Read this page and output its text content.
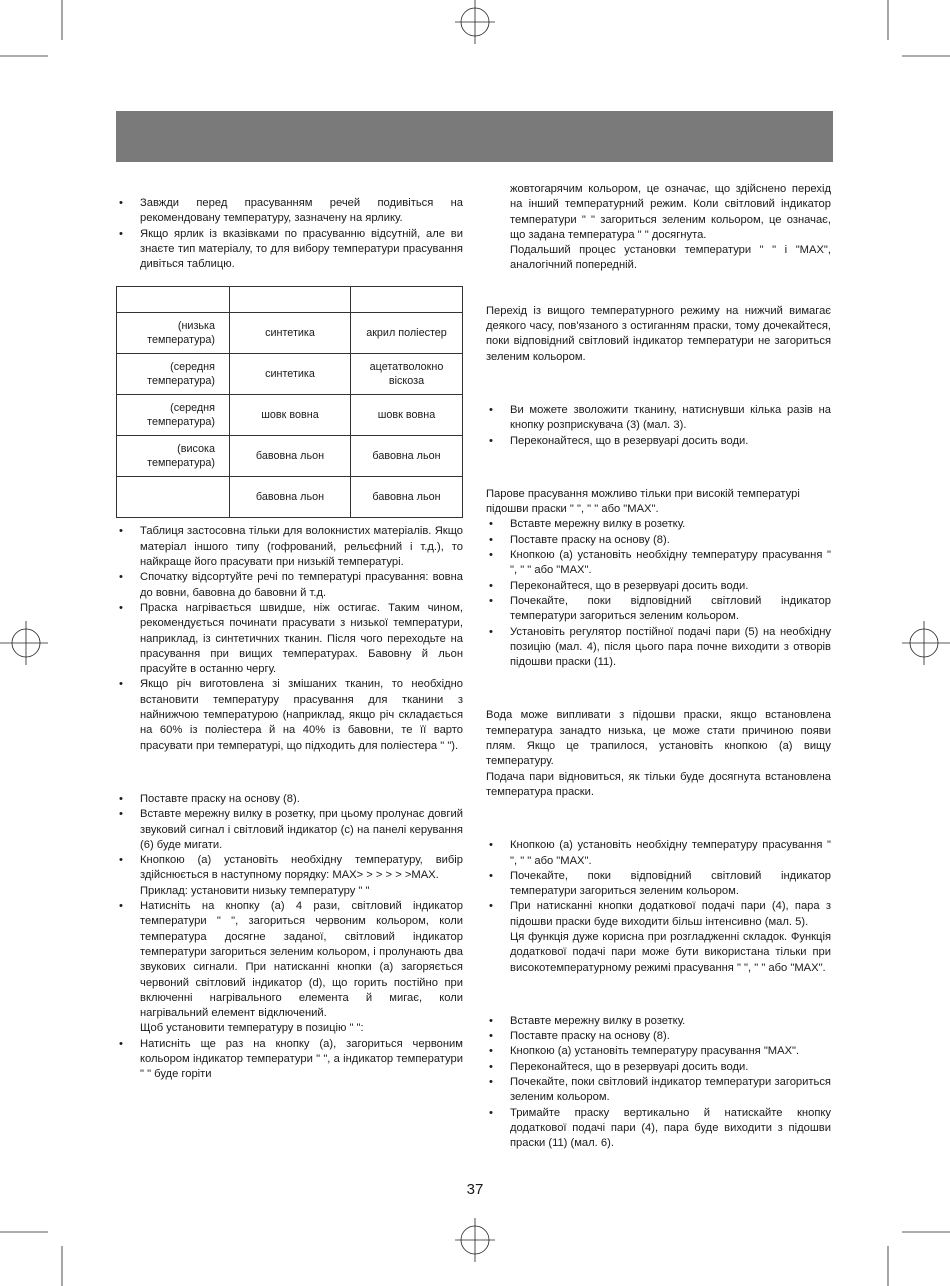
• Завжди перед прасуванням речей подивіться на рекомендовану температуру, зазначену на ярлику.
• Якщо ярлик із вказівками по прасуванню відсутній, але ви знаєте тип матеріалу, то для вибору температури прасування дивіться таблицю.

(низька температура)	синтетика	акрил поліестер
(середня температура)	синтетика	ацетатволокно віскоза
(середня температура)	шовк вовна	шовк вовна
(висока температура)	бавовна льон	бавовна льон
	бавовна льон	бавовна льон
• Таблиця застосовна тільки для волокнистих матеріалів. Якщо матеріал іншого типу (гофрований, рельєфний і т.д.), то найкраще його прасувати при низькій температурі.
• Спочатку відсортуйте речі по температурі прасування: вовна до вовни, бавовна до бавовни й т.д.
• Праска нагрівається швидше, ніж остигає. Таким чином, рекомендується починати прасувати з низької температури, наприклад, із синтетичних тканин. Після чого переходьте на прасування при вищих температурах. Бавовну й льон прасуйте в останню чергу.
• Якщо річ виготовлена зі змішаних тканин, то необхідно встановити температуру прасування для тканини з найнижчою температурою (наприклад, якщо річ складається на 60% із поліестера й на 40% із бавовни, те її варто прасувати при температурі, що підходить для поліестера " ").
• Поставте праску на основу (8).
• Вставте мережну вилку в розетку, при цьому пролунає довгий звуковий сигнал і світловий індикатор (с) на панелі керування (6) буде мигати.
• Кнопкою (а) установіть необхідну температуру, вибір здійснюється в наступному порядку: MAX> > > > > >MAX.
Приклад: установити низьку температуру " "
• Натисніть на кнопку (а) 4 рази, світловий індикатор температури " ", загориться червоним кольором, коли температура досягне заданої, світловий індикатор температури загориться зеленим кольором, і пролунають два звукових сигнали. При натисканні кнопки (а) загоряється червоний світловий індикатор (d), що горить постійно при включенні нагрівального елемента й мигає, коли нагрівальний елемент відключений.
Щоб установити температуру в позицію " ":
• Натисніть ще раз на кнопку (а), загориться червоним кольором індикатор температури " ", а індикатор температури " " буде горіти
жовтогарячим кольором, це означає, що здійснено перехід на інший температурний режим. Коли світловий індикатор температури " " загориться зеленим кольором, це означає, що задана температура " " досягнута.
Подальший процес установки температури " " і "MAX", аналогічний попередній.

Перехід із вищого температурного режиму на нижчий вимагає деякого часу, пов'язаного з остиганням праски, тому дочекайтеся, поки відповідний світловий індикатор температури не загориться зеленим кольором.

• Ви можете зволожити тканину, натиснувши кілька разів на кнопку розприскувача (3) (мал. 3).
• Переконайтеся, що в резервуарі досить води.

Парове прасування можливо тільки при високій температурі підошви праски " ", " " або "MAX".

• Вставте мережну вилку в розетку.
• Поставте праску на основу (8).
• Кнопкою (а) установіть необхідну температуру прасування " ", " " або "MAX".
• Переконайтеся, що в резервуарі досить води.
• Почекайте, поки відповідний світловий індикатор температури загориться зеленим кольором.
• Установіть регулятор постійної подачі пари (5) на необхідну позицію (мал. 4), після цього пара почне виходити з отворів підошви праски (11).

Вода може випливати з підошви праски, якщо встановлена температура занадто низька, це може стати причиною появи плям. Якщо це трапилося, установіть кнопкою (а) вищу температуру.

Подача пари відновиться, як тільки буде досягнута встановлена температура праски.

• Кнопкою (а) установіть необхідну температуру прасування " ", " " або "MAX".
• Почекайте, поки відповідний світловий індикатор температури загориться зеленим кольором.
• При натисканні кнопки додаткової подачі пари (4), пара з підошви праски буде виходити більш інтенсивно (мал. 5).
Ця функція дуже корисна при розгладженні складок. Функція додаткової подачі пари може бути використана тільки при високотемпературному режимі прасування " ", " " або "MAX".
• Вставте мережну вилку в розетку.
• Поставте праску на основу (8).
• Кнопкою (а) установіть температуру прасування "MAX".
• Переконайтеся, що в резервуарі досить води.
• Почекайте, поки світловий індикатор температури загориться зеленим кольором.
• Тримайте праску вертикально й натискайте кнопку додаткової подачі пари (4), пара буде виходити з підошви праски (11) (мал. 6).
37
